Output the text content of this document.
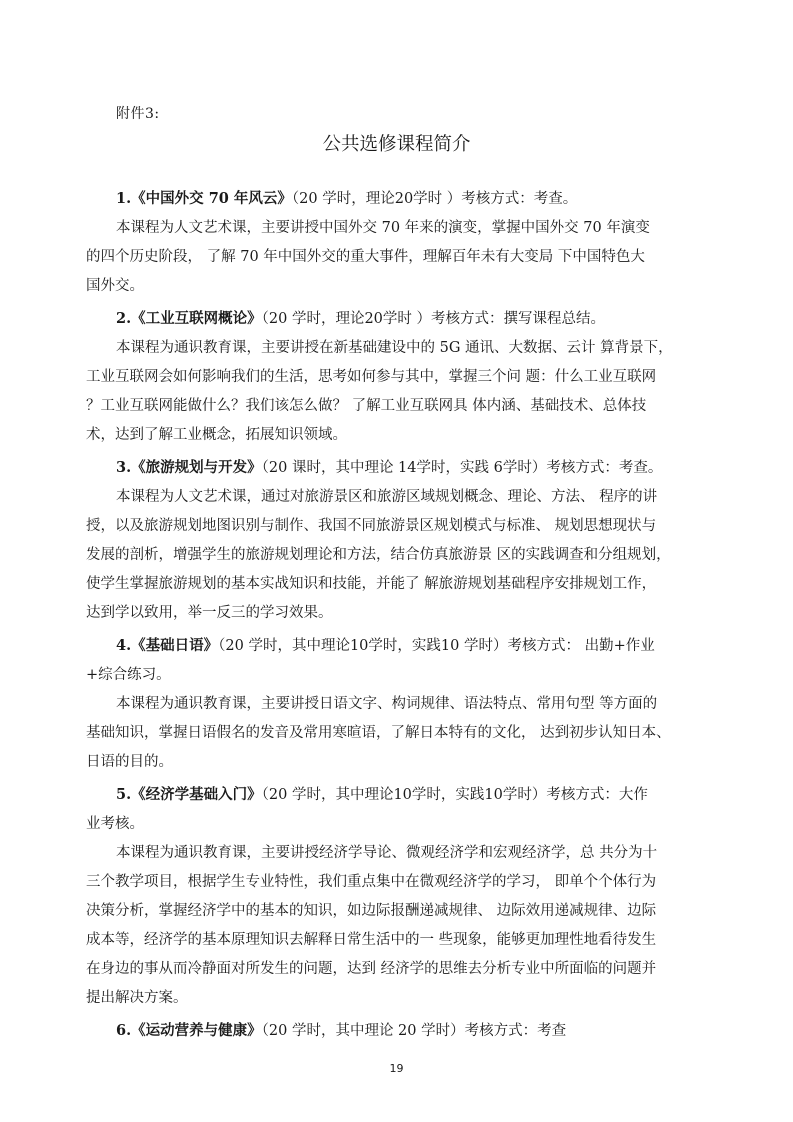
附件3:
公共选修课程简介

1.《中国外交 70 年风云》（20 学时，理论20学时 ）考核方式：考查。

本课程为人文艺术课，主要讲授中国外交 70 年来的演变，掌握中国外交 70 年演变

的四个历史阶段， 了解 70 年中国外交的重大事件，理解百年未有大变局 下中国特色大

国外交。

2.《工业互联网概论》（20 学时，理论20学时 ）考核方式：撰写课程总结。

本课程为通识教育课，主要讲授在新基础建设中的 5G 通讯、大数据、云计 算背景下，

工业互联网会如何影响我们的生活，思考如何参与其中，掌握三个问 题：什么工业互联网

？工业互联网能做什么？我们该怎么做？ 了解工业互联网具 体内涵、基础技术、总体技

术，达到了解工业概念，拓展知识领域。

3.《旅游规划与开发》（20 课时，其中理论 14学时，实践 6学时）考核方式：考查。

本课程为人文艺术课，通过对旅游景区和旅游区域规划概念、理论、方法、 程序的讲

授，以及旅游规划地图识别与制作、我国不同旅游景区规划模式与标准、 规划思想现状与

发展的剖析，增强学生的旅游规划理论和方法，结合仿真旅游景 区的实践调查和分组规划，

使学生掌握旅游规划的基本实战知识和技能，并能了 解旅游规划基础程序安排规划工作，

达到学以致用，举一反三的学习效果。

4.《基础日语》（20 学时，其中理论10学时，实践10 学时）考核方式： 出勤+作业

+综合练习。

本课程为通识教育课，主要讲授日语文字、构词规律、语法特点、常用句型 等方面的

基础知识，掌握日语假名的发音及常用寒暄语，了解日本特有的文化， 达到初步认知日本、

日语的目的。

5.《经济学基础入门》（20 学时，其中理论10学时，实践10学时）考核方式：大作

业考核。

本课程为通识教育课，主要讲授经济学导论、微观经济学和宏观经济学，总 共分为十

三个教学项目，根据学生专业特性，我们重点集中在微观经济学的学习， 即单个个体行为

决策分析，掌握经济学中的基本的知识，如边际报酬递减规律、 边际效用递减规律、边际

成本等，经济学的基本原理知识去解释日常生活中的一 些现象，能够更加理性地看待发生

在身边的事从而冷静面对所发生的问题，达到 经济学的思维去分析专业中所面临的问题并

提出解决方案。

6.《运动营养与健康》（20 学时，其中理论 20 学时）考核方式：考查

19
